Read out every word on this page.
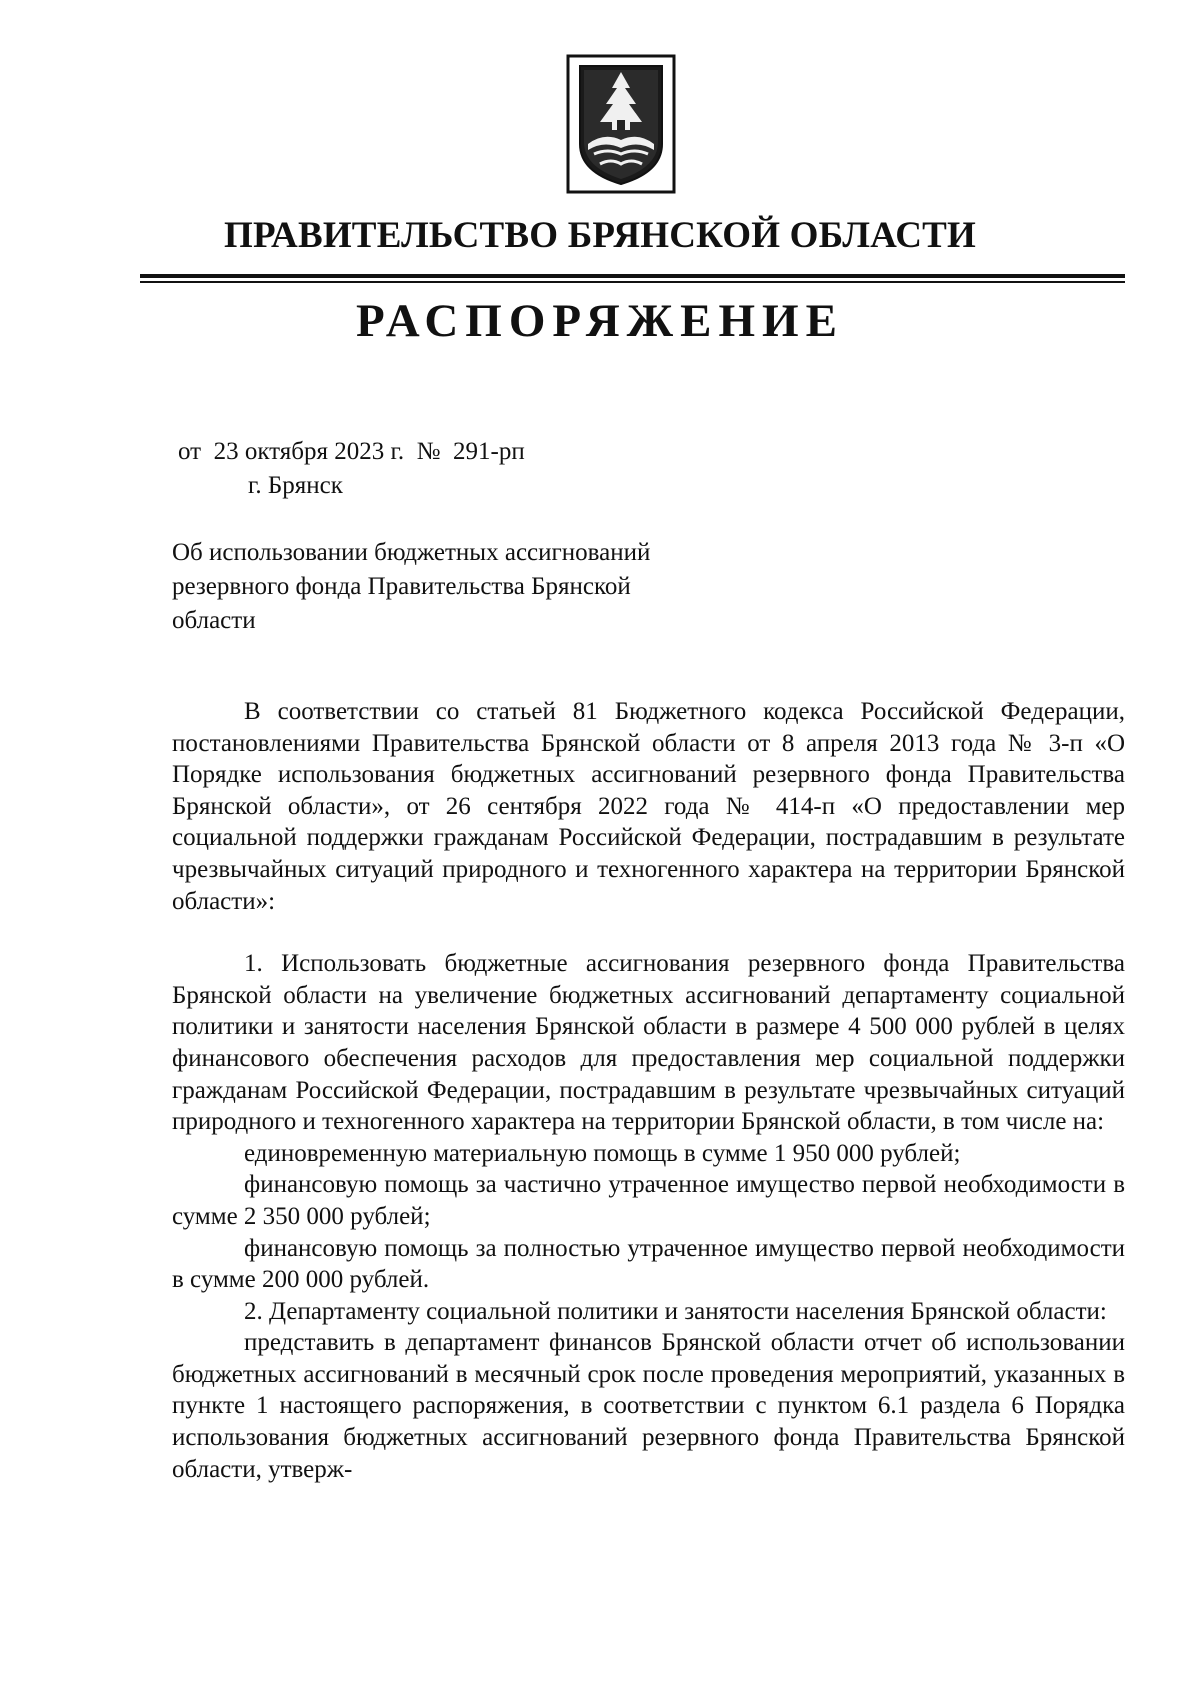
ПРАВИТЕЛЬСТВО БРЯНСКОЙ ОБЛАСТИ
РАСПОРЯЖЕНИЕ
от  23 октября 2023 г.  №  291-рп
г. Брянск
Об использовании бюджетных ассигнований
резервного фонда Правительства Брянской
области

В соответствии со статьей 81 Бюджетного кодекса Российской Федерации, постановлениями Правительства Брянской области от 8 апреля 2013 года № 3-п «О Порядке использования бюджетных ассигнований резервного фонда Правительства Брянской области», от 26 сентября 2022 года № 414-п «О предоставлении мер социальной поддержки гражданам Российской Федерации, пострадавшим в результате чрезвычайных ситуаций природного и техногенного характера на территории Брянской области»:

1. Использовать бюджетные ассигнования резервного фонда Правительства Брянской области на увеличение бюджетных ассигнований департаменту социальной политики и занятости населения Брянской области в размере 4 500 000 рублей в целях финансового обеспечения расходов для предоставления мер социальной поддержки гражданам Российской Федерации, пострадавшим в результате чрезвычайных ситуаций природного и техногенного характера на территории Брянской области, в том числе на:

единовременную материальную помощь в сумме 1 950 000 рублей;

финансовую помощь за частично утраченное имущество первой необходимости в сумме 2 350 000 рублей;

финансовую помощь за полностью утраченное имущество первой необходимости в сумме 200 000 рублей.

2. Департаменту социальной политики и занятости населения Брянской области:

представить в департамент финансов Брянской области отчет об использовании бюджетных ассигнований в месячный срок после проведения мероприятий, указанных в пункте 1 настоящего распоряжения, в соответствии с пунктом 6.1 раздела 6 Порядка использования бюджетных ассигнований резервного фонда Правительства Брянской области, утверж-
